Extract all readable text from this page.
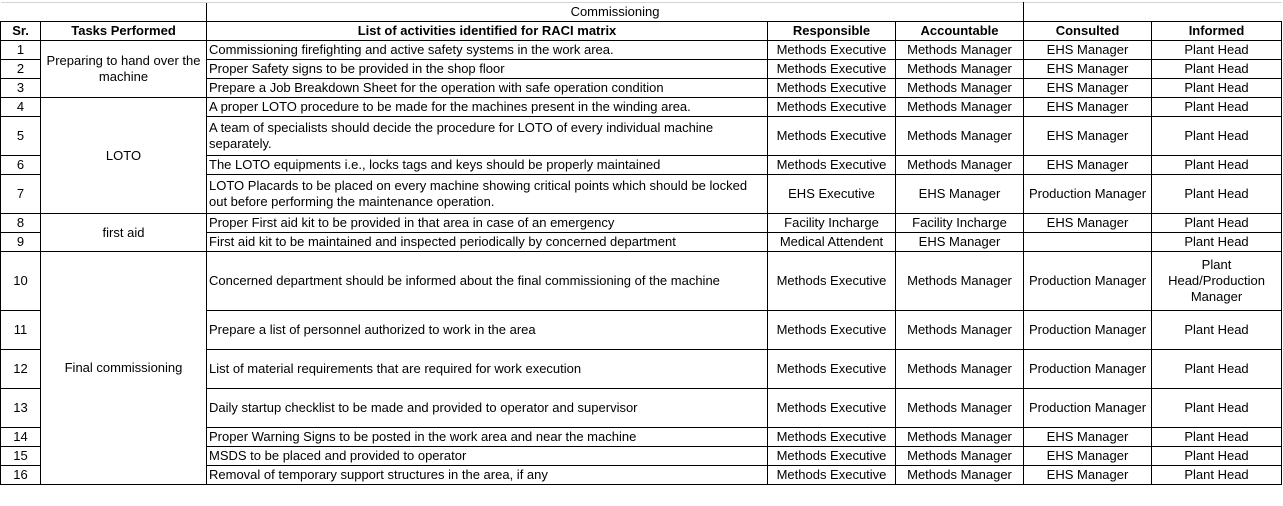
		Commissioning				
Sr.	Tasks Performed	List of activities identified for RACI matrix	Responsible	Accountable	Consulted	Informed
1	Preparing to hand over the machine	Commissioning firefighting and active safety systems in the work area.	Methods Executive	Methods Manager	EHS Manager	Plant Head
2		Proper Safety signs to be provided in the shop floor	Methods Executive	Methods Manager	EHS Manager	Plant Head
3		Prepare a Job Breakdown Sheet for the operation with safe operation condition	Methods Executive	Methods Manager	EHS Manager	Plant Head
4	LOTO	A proper LOTO procedure to be made for the machines present in the winding area.	Methods Executive	Methods Manager	EHS Manager	Plant Head
5		A team of specialists should decide the procedure for LOTO of every individual machine separately.	Methods Executive	Methods Manager	EHS Manager	Plant Head
6		The LOTO equipments i.e., locks tags and keys should be properly maintained	Methods Executive	Methods Manager	EHS Manager	Plant Head
7		LOTO Placards to be placed on every machine showing critical points which should be locked out before performing the maintenance operation.	EHS Executive	EHS Manager	Production Manager	Plant Head
8	first aid	Proper First aid kit to be provided in that area in case of an emergency	Facility Incharge	Facility Incharge	EHS Manager	Plant Head
9		First aid kit to be maintained and inspected periodically by concerned department	Medical Attendent	EHS Manager		Plant Head
10	Final commissioning	Concerned department should be informed about the final commissioning of the machine	Methods Executive	Methods Manager	Production Manager	Plant Head/Production Manager
11		Prepare a list of personnel authorized to work in the area	Methods Executive	Methods Manager	Production Manager	Plant Head
12		List of material requirements that are required for work execution	Methods Executive	Methods Manager	Production Manager	Plant Head
13		Daily startup checklist to be made and provided to operator and supervisor	Methods Executive	Methods Manager	Production Manager	Plant Head
14		Proper Warning Signs to be posted in the work area and near the machine	Methods Executive	Methods Manager	EHS Manager	Plant Head
15		MSDS to be placed and provided to operator	Methods Executive	Methods Manager	EHS Manager	Plant Head
16		Removal of temporary support structures in the area, if any	Methods Executive	Methods Manager	EHS Manager	Plant Head
